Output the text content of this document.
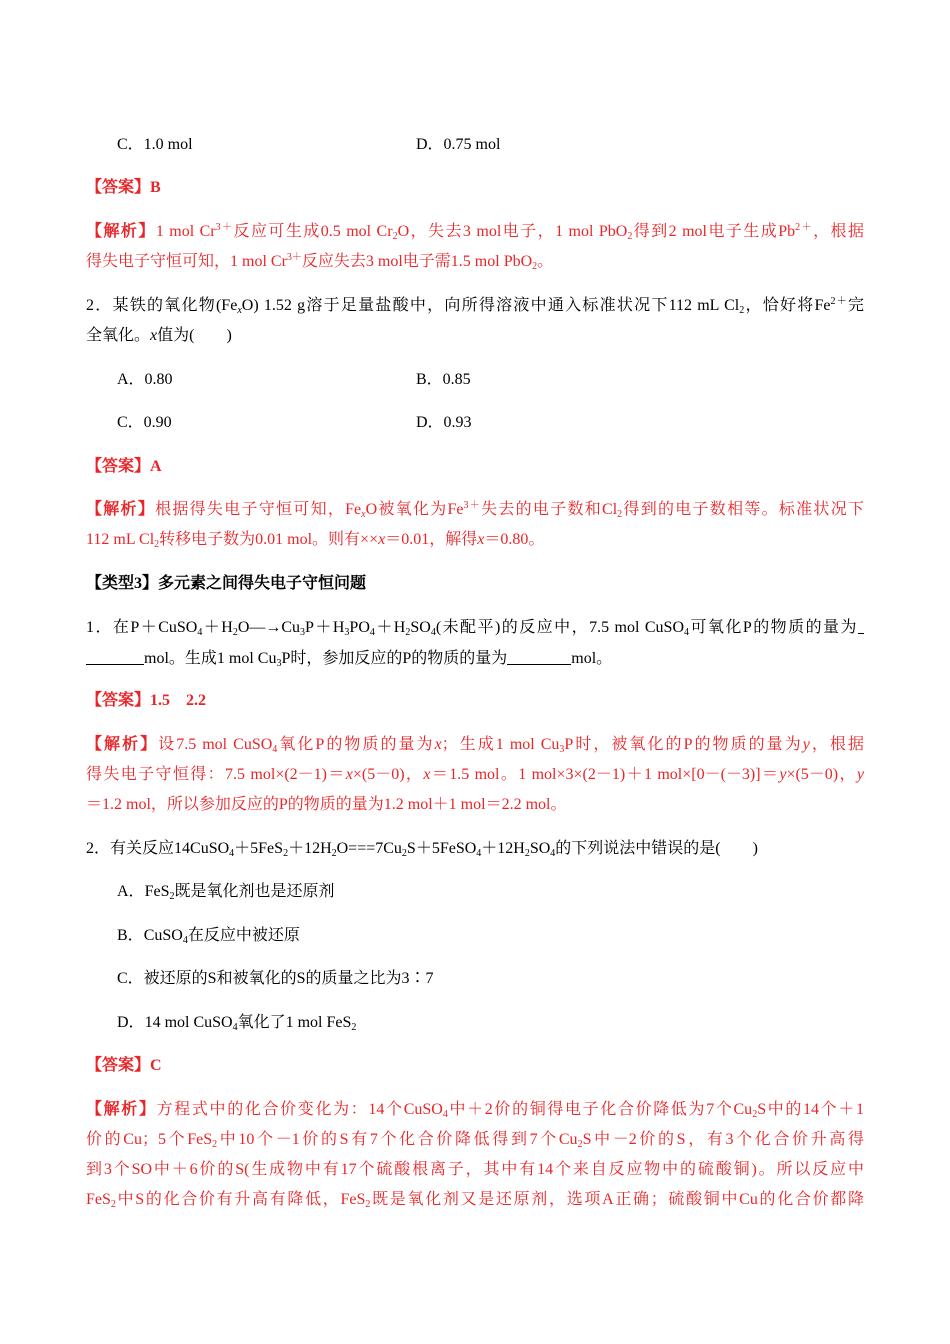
C．1.0 mol	D．0.75 mol
【答案】B
【解析】1 mol $Cr^{3+}$反应可生成0.5 mol $Cr_2O$，失去3 mol电子，1 mol PbO$_2$得到2 mol电子生成$Pb^{2+}$，根据
得失电子守恒可知，1 mol $Cr^{3+}$反应失去3 mol电子需1.5 mol PbO$_2$。
2．某铁的氧化物$(Fe_xO)$ 1.52 g溶于足量盐酸中，向所得溶液中通入标准状况下112 mL $Cl_2$，恰好将$Fe^{2+}$完
全氧化。x值为(　　)
A．0.80	B．0.85
C．0.90	D．0.93
【答案】A
【解析】根据得失电子守恒可知，$Fe_xO$被氧化为$Fe^{3+}$失去的电子数和$Cl_2$得到的电子数相等。标准状况下
112 mL $Cl_2$转移电子数为0.01 mol。则有××x＝0.01，解得x＝0.80。
【类型3】多元素之间得失电子守恒问题
1．在$P+CuSO_4+H_2O—\to Cu_3P+H_3PO_4+H_2SO_4$(未配平)的反应中，7.5 mol CuSO$_4$可氧化P的物质的量为
mol。生成1 mol $Cu_3P$时，参加反应的P的物质的量为	mol。
【答案】1.5　2.2
【解析】设7.5 mol CuSO$_4$氧化P的物质的量为x；生成1 mol $Cu_3P$时，被氧化的P的物质的量为y，根据
得失电子守恒得：7.5 mol×(2－1)＝x×(5－0)，x＝1.5 mol。1 mol×3×(2－1)＋1 mol×[0－(－3)]＝y×(5－0)，y
＝1.2 mol，所以参加反应的P的物质的量为1.2 mol＋1 mol＝2.2 mol。
2．有关反应$14CuSO_4+5FeS_2+12H_2O===7Cu_2S+5FeSO_4+12H_2SO_4$的下列说法中错误的是(　　)
A．FeS$_2$既是氧化剂也是还原剂
B．CuSO$_4$在反应中被还原
C．被还原的S和被氧化的S的质量之比为3∶7
D．14 mol CuSO$_4$氧化了1 mol FeS$_2$
【答案】C
【解析】方程式中的化合价变化为：14个CuSO$_4$中＋2价的铜得电子化合价降低为7个$Cu_2S$中的14个＋1
价的Cu；5个FeS$_2$中10个－1价的S有7个化合价降低得到7个$Cu_2S$中－2价的S，有3个化合价升高得
到3个SO中＋6价的S(生成物中有17个硫酸根离子，其中有14个来自反应物中的硫酸铜)。所以反应中
FeS$_2$中S的化合价有升高有降低，FeS$_2$既是氧化剂又是还原剂，选项A正确；硫酸铜中Cu的化合价都降
